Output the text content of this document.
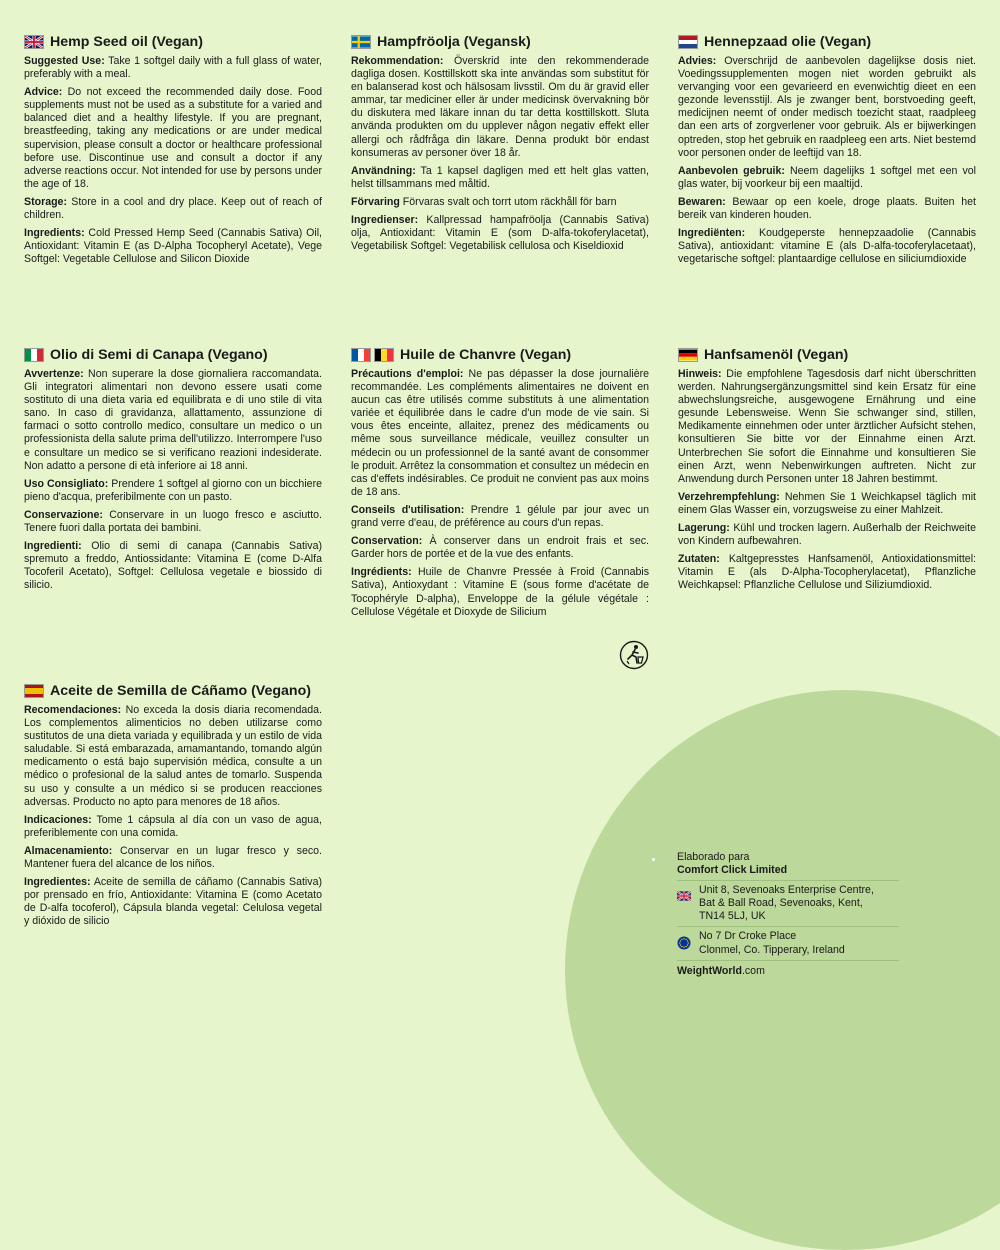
Hemp Seed oil (Vegan)

Suggested Use: Take 1 softgel daily with a full glass of water, preferably with a meal.

Advice: Do not exceed the recommended daily dose. Food supplements must not be used as a substitute for a varied and balanced diet and a healthy lifestyle. If you are pregnant, breastfeeding, taking any medications or are under medical supervision, please consult a doctor or healthcare professional before use. Discontinue use and consult a doctor if any adverse reactions occur. Not intended for use by persons under the age of 18.

Storage: Store in a cool and dry place. Keep out of reach of children.

Ingredients: Cold Pressed Hemp Seed (Cannabis Sativa) Oil, Antioxidant: Vitamin E (as D-Alpha Tocopheryl Acetate), Vege Softgel: Vegetable Cellulose and Silicon Dioxide

Hampfröolja (Vegansk)

Rekommendation: Överskrid inte den rekommenderade dagliga dosen. Kosttillskott ska inte användas som substitut för en balanserad kost och hälsosam livsstil. Om du är gravid eller ammar, tar mediciner eller är under medicinsk övervakning bör du diskutera med läkare innan du tar detta kosttillskott. Sluta använda produkten om du upplever någon negativ effekt eller allergi och rådfråga din läkare. Denna produkt bör endast konsumeras av personer över 18 år.

Användning: Ta 1 kapsel dagligen med ett helt glas vatten, helst tillsammans med måltid.

Förvaring Förvaras svalt och torrt utom räckhåll för barn

Ingredienser: Kallpressad hampafröolja (Cannabis Sativa) olja, Antioxidant: Vitamin E (som D-alfa-tokoferylacetat), Vegetabilisk Softgel: Vegetabilisk cellulosa och Kiseldioxid

Hennepzaad olie (Vegan)

Advies: Overschrijd de aanbevolen dagelijkse dosis niet. Voedingssupplementen mogen niet worden gebruikt als vervanging voor een gevarieerd en evenwichtig dieet en een gezonde levensstijl. Als je zwanger bent, borstvoeding geeft, medicijnen neemt of onder medisch toezicht staat, raadpleeg dan een arts of zorgverlener voor gebruik. Als er bijwerkingen optreden, stop het gebruik en raadpleeg een arts. Niet bestemd voor personen onder de leeftijd van 18.

Aanbevolen gebruik: Neem dagelijks 1 softgel met een vol glas water, bij voorkeur bij een maaltijd.

Bewaren: Bewaar op een koele, droge plaats. Buiten het bereik van kinderen houden.

Ingrediënten: Koudgeperste hennepzaadolie (Cannabis Sativa), antioxidant: vitamine E (als D-alfa-tocoferylacetaat), vegetarische softgel: plantaardige cellulose en siliciumdioxide

Olio di Semi di Canapa (Vegano)

Avvertenze: Non superare la dose giornaliera raccomandata. Gli integratori alimentari non devono essere usati come sostituto di una dieta varia ed equilibrata e di uno stile di vita sano. In caso di gravidanza, allattamento, assunzione di farmaci o sotto controllo medico, consultare un medico o un professionista della salute prima dell'utilizzo. Interrompere l'uso e consultare un medico se si verificano reazioni indesiderate. Non adatto a persone di età inferiore ai 18 anni.

Uso Consigliato: Prendere 1 softgel al giorno con un bicchiere pieno d'acqua, preferibilmente con un pasto.

Conservazione: Conservare in un luogo fresco e asciutto. Tenere fuori dalla portata dei bambini.

Ingredienti: Olio di semi di canapa (Cannabis Sativa) spremuto a freddo, Antiossidante: Vitamina E (come D-Alfa Tocoferil Acetato), Softgel: Cellulosa vegetale e biossido di silicio.

Huile de Chanvre (Vegan)

Précautions d'emploi: Ne pas dépasser la dose journalière recommandée. Les compléments alimentaires ne doivent en aucun cas être utilisés comme substituts à une alimentation variée et équilibrée dans le cadre d'un mode de vie sain. Si vous êtes enceinte, allaitez, prenez des médicaments ou même sous surveillance médicale, veuillez consulter un médecin ou un professionnel de la santé avant de consommer le produit. Arrêtez la consommation et consultez un médecin en cas d'effets indésirables. Ce produit ne convient pas aux moins de 18 ans.

Conseils d'utilisation: Prendre 1 gélule par jour avec un grand verre d'eau, de préférence au cours d'un repas.

Conservation: À conserver dans un endroit frais et sec. Garder hors de portée et de la vue des enfants.

Ingrédients: Huile de Chanvre Pressée à Froid (Cannabis Sativa), Antioxydant : Vitamine E (sous forme d'acétate de Tocophéryle D-alpha), Enveloppe de la gélule végétale : Cellulose Végétale et Dioxyde de Silicium

Hanfsamenöl (Vegan)

Hinweis: Die empfohlene Tagesdosis darf nicht überschritten werden. Nahrungsergänzungsmittel sind kein Ersatz für eine abwechslungsreiche, ausgewogene Ernährung und eine gesunde Lebensweise. Wenn Sie schwanger sind, stillen, Medikamente einnehmen oder unter ärztlicher Aufsicht stehen, konsultieren Sie bitte vor der Einnahme einen Arzt. Unterbrechen Sie sofort die Einnahme und konsultieren Sie einen Arzt, wenn Nebenwirkungen auftreten. Nicht zur Anwendung durch Personen unter 18 Jahren bestimmt.

Verzehrempfehlung: Nehmen Sie 1 Weichkapsel täglich mit einem Glas Wasser ein, vorzugsweise zu einer Mahlzeit.

Lagerung: Kühl und trocken lagern. Außerhalb der Reichweite von Kindern aufbewahren.

Zutaten: Kaltgepresstes Hanfsamenöl, Antioxidationsmittel: Vitamin E (als D-Alpha-Tocopherylacetat), Pflanzliche Weichkapsel: Pflanzliche Cellulose und Siliziumdioxid.

Aceite de Semilla de Cáñamo (Vegano)

Recomendaciones: No exceda la dosis diaria recomendada. Los complementos alimenticios no deben utilizarse como sustitutos de una dieta variada y equilibrada y un estilo de vida saludable. Si está embarazada, amamantando, tomando algún medicamento o está bajo supervisión médica, consulte a un médico o profesional de la salud antes de tomarlo. Suspenda su uso y consulte a un médico si se producen reacciones adversas. Producto no apto para menores de 18 años.

Indicaciones: Tome 1 cápsula al día con un vaso de agua, preferiblemente con una comida.

Almacenamiento: Conservar en un lugar fresco y seco. Mantener fuera del alcance de los niños.

Ingredientes: Aceite de semilla de cáñamo (Cannabis Sativa) por prensado en frío, Antioxidante: Vitamina E (como Acetato de D-alfa tocoferol), Cápsula blanda vegetal: Celulosa vegetal y dióxido de silicio

Elaborado para

Comfort Click Limited

Unit 8, Sevenoaks Enterprise Centre,
Bat & Ball Road, Sevenoaks, Kent,
TN14 5LJ, UK
No 7 Dr Croke Place
Clonmel, Co. Tipperary, Ireland
WeightWorld.com
